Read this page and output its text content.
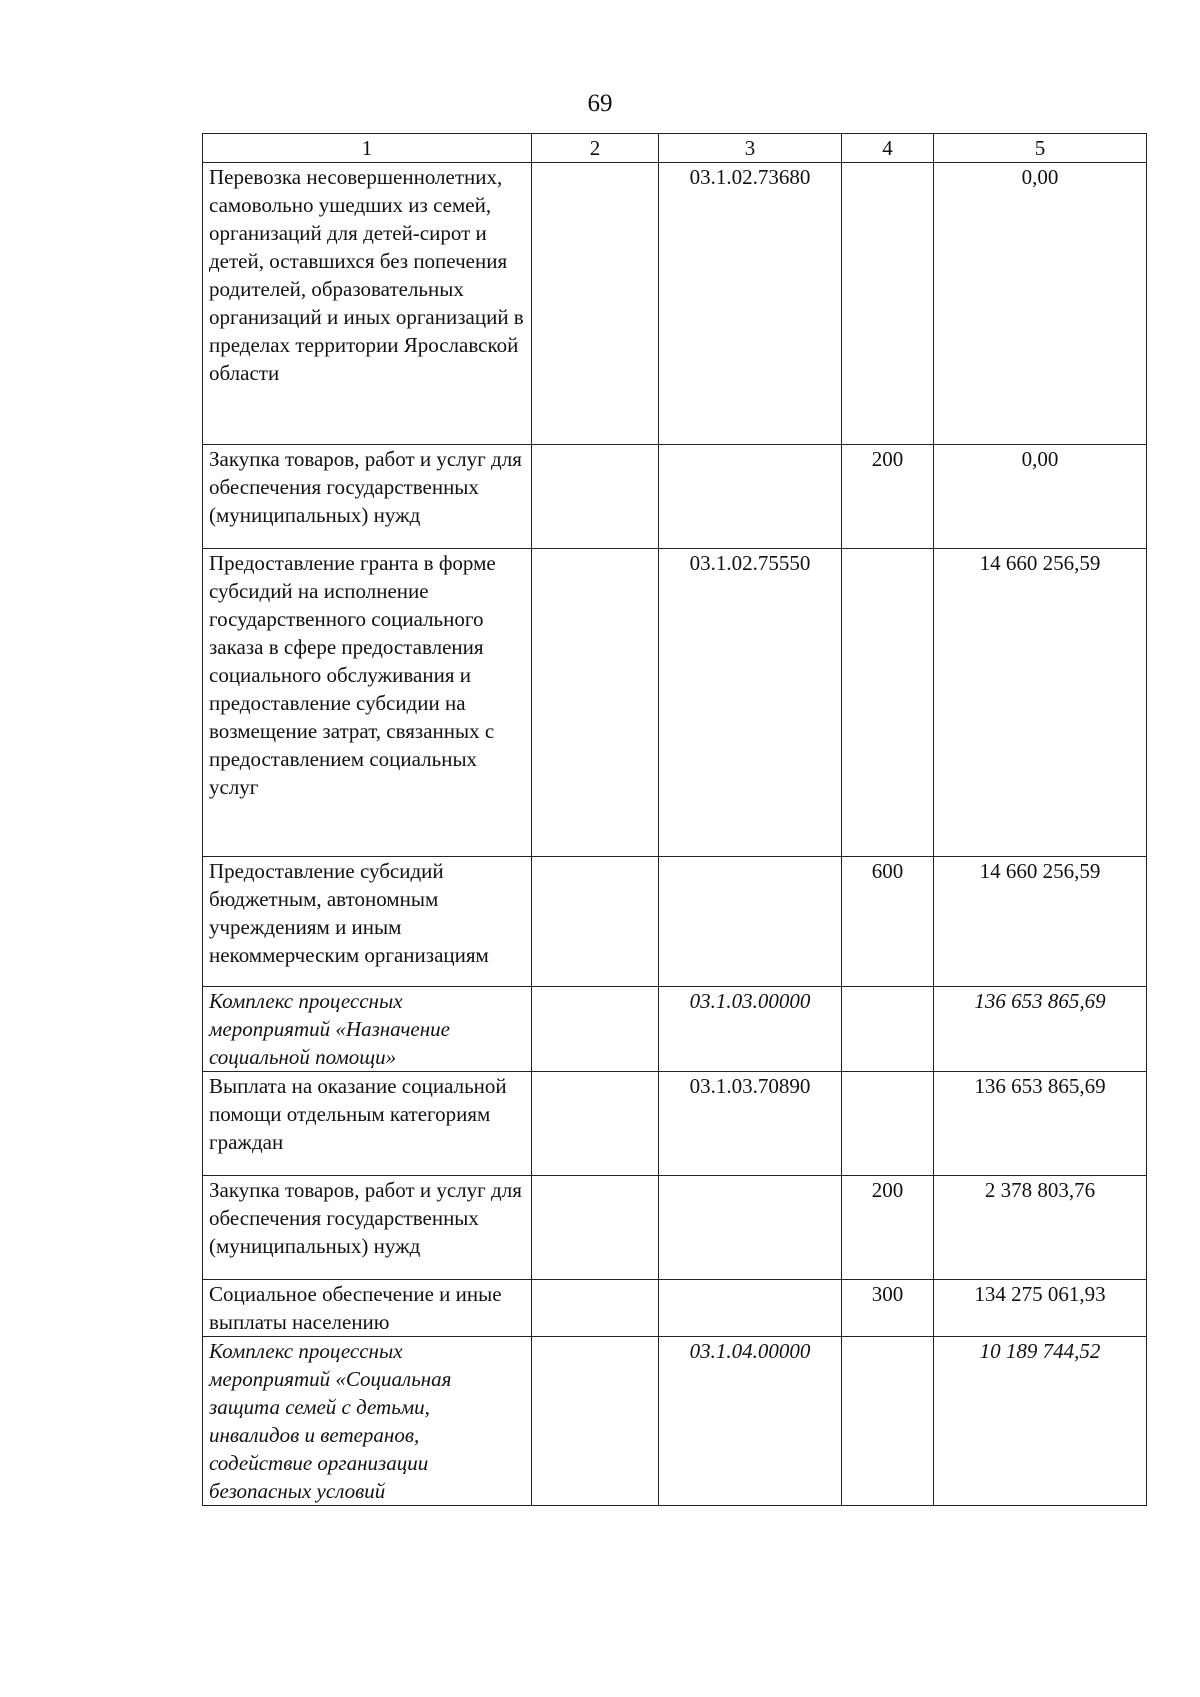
69
1	2	3	4	5
Перевозка несовершеннолетних, самовольно ушедших из семей, организаций для детей-сирот и детей, оставшихся без попечения родителей, образовательных организаций и иных организаций в пределах территории Ярославской области		03.1.02.73680		0,00
Закупка товаров, работ и услуг для обеспечения государственных (муниципальных) нужд			200	0,00
Предоставление гранта в форме субсидий на исполнение государственного социального заказа в сфере предоставления социального обслуживания и предоставление субсидии на возмещение затрат, связанных с предоставлением социальных услуг		03.1.02.75550		14 660 256,59
Предоставление субсидий бюджетным, автономным учреждениям и иным некоммерческим организациям			600	14 660 256,59
Комплекс процессных мероприятий «Назначение социальной помощи»		03.1.03.00000		136 653 865,69
Выплата на оказание социальной помощи отдельным категориям граждан		03.1.03.70890		136 653 865,69
Закупка товаров, работ и услуг для обеспечения государственных (муниципальных) нужд			200	2 378 803,76
Социальное обеспечение и иные выплаты населению			300	134 275 061,93
Комплекс процессных мероприятий «Социальная защита семей с детьми, инвалидов и ветеранов, содействие организации безопасных условий		03.1.04.00000		10 189 744,52
